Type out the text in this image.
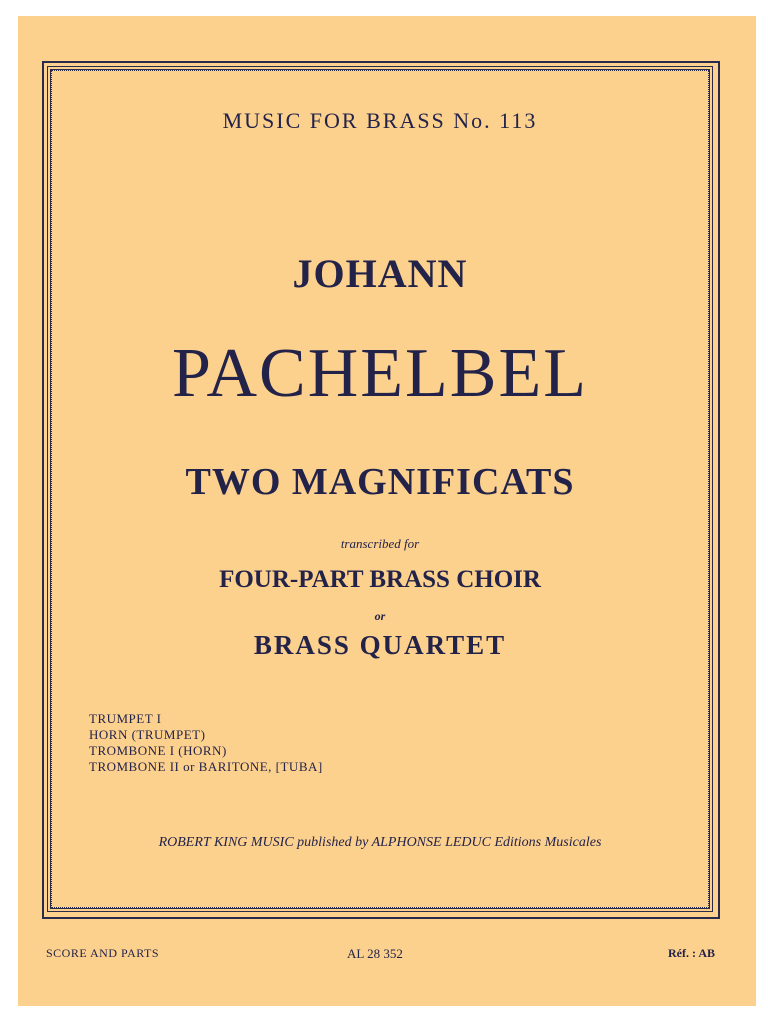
MUSIC FOR BRASS No. 113
JOHANN
PACHELBEL
TWO MAGNIFICATS
transcribed for
FOUR-PART BRASS CHOIR
or
BRASS QUARTET
TRUMPET I
HORN (TRUMPET)
TROMBONE I (HORN)
TROMBONE II or BARITONE, [TUBA]
ROBERT KING MUSIC published by ALPHONSE LEDUC Editions Musicales
SCORE AND PARTS	AL 28 352	Réf. : AB
